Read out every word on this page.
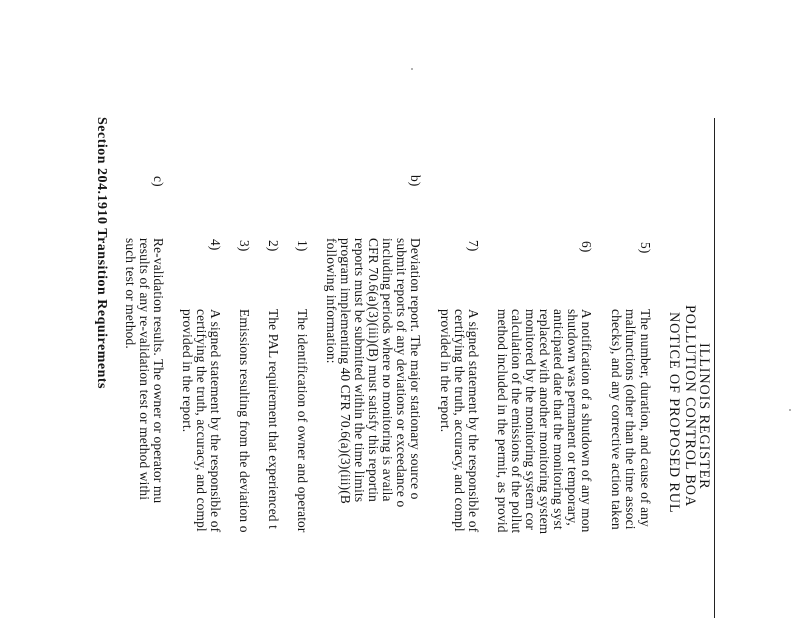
ILLINOIS REGISTER
POLLUTION CONTROL BOA
NOTICE OF PROPOSED RUL
5)
The number, duration, and cause of any
malfunctions (other than the time associ
checks), and any corrective action taken
6)
A notification of a shutdown of any mon
shutdown was permanent or temporary,
anticipated date that the monitoring syst
replaced with another monitoring system
monitored by the monitoring system cor
calculation of the emissions of the pollut
method included in the permit, as provid
7)
A signed statement by the responsible of
certifying the truth, accuracy, and compl
provided in the report.
b)
Deviation report. The major stationary source o
submit reports of any deviations or exceedance o
including periods where no monitoring is availa
CFR 70.6(a)(3)(iii)(B) must satisfy this reportin
reports must be submitted within the time limits
program implementing 40 CFR 70.6(a)(3)(iii)(B
following information:
1)
The identification of owner and operator
2)
The PAL requirement that experienced t
3)
Emissions resulting from the deviation o
4)
A signed statement by the responsible of
certifying the truth, accuracy, and compl
provided in the report.
c)
Re-validation results. The owner or operator mu
results of any re-validation test or method withi
such test or method.
Section 204.1910 Transition Requirements
